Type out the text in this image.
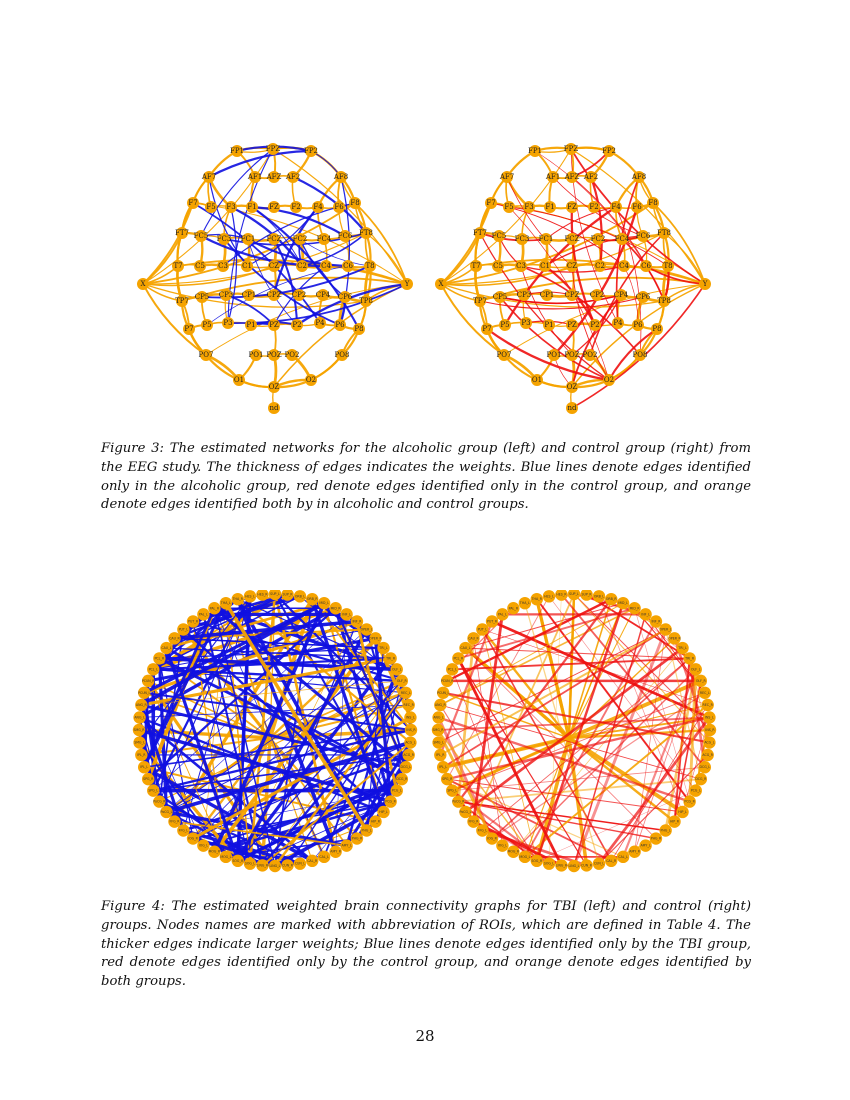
FPZ
FP1	FP2
AF7	AF1 AFZ AF2	AF8
F7 F5 F3 F1 FZ F2 F4 F6 F8
FT7 FC5 FC3 FC1 FCZ FC2 FC4 FC6 FT8
T7 C5 C3 C1 CZ	C2 C4 C6 T8
X	Y
TP7 CP5 CP3 CP1 CPZ CP2 CP4 CP6 TP8
P7 P5 P3 P1 PZ P2 P4 P6 P8
PO7	PO1 POZ PO2	PO8
O1
OZ
O2
nd
FPZ
FP1	FP2
AF7	AF1 AFZ AF2	AF8
F7 F5 F3 F1 FZ F2 F4 F6 F8
FT7 FC5 FC3 FC1 FCZ FC2 FC4 FC6 FT8
T7 C5 C3 C1 CZ	C2 C4 C6 T8
X	Y
TP7 CP5 CP3 CP1 CPZ CP2 CP4 CP6 TP8
P7 P5 P3 P1 PZ P2 P4 P6 P8
PO7	PO1 POZ PO2	PO8
O1
OZ
O2
nd
Figure 3: The estimated networks for the alcoholic group (left) and control group (right) from the EEG study. The thickness of edges indicates the weights. Blue lines denote edges identified only in the alcoholic group, red denote edges identified only in the control group, and orange denote edges identified both by in alcoholic and control groups.
SUP_L SUP_R ORB_L
ORB_R
MID_L
MID_R
INF_L
INF_R
OPER_L
OPER_R
TRI_L
TRI_R
OLF_L
OLF_R
REC_L
REC_R
INS_L
INS_R
ACG_L
ACG_R
DCG_L
DCG_R
PCG_L
PCG_R
HIP_L
HIP_R
PHG_L
PHG_R
AMY_L
AMY_R
CAL_L
CAL_R
CUN_L
CUN_R
LING_L
LING_R
SOG_L
SOG_R
MOG_L
MOG_R
IOG_L
IOG_R
FFG_L
FFG_R
PoCG_L
PoCG_R
SPG_L
SPG_R
IPL_L
IPL_R
SMG_L
SMG_R
ANG_L
ANG_R
PCUN_L
PCUN_R
PCL_L
PCL_R
CAU_L
CAU_R
PUT_L
PUT_R
PAL_L
PAL_R
THA_L
THA_R
HES_L HES_R	SUP_L SUP_R ORB_L
ORB_R
MID_L
MID_R
INF_L
INF_R
OPER_L
OPER_R
TRI_L
TRI_R
OLF_L
OLF_R
REC_L
REC_R
INS_L
INS_R
ACG_L
ACG_R
DCG_L
DCG_R
PCG_L
PCG_R
HIP_L
HIP_R
PHG_L
PHG_R
AMY_L
AMY_R
CAL_L
CAL_R
CUN_L
CUN_R
LING_L
LING_R
SOG_L
SOG_R
MOG_L
MOG_R
IOG_L
IOG_R
FFG_L
FFG_R
PoCG_L
PoCG_R
SPG_L
SPG_R
IPL_L
IPL_R
SMG_L
SMG_R
ANG_L
ANG_R
PCUN_L
PCUN_R
PCL_L
PCL_R
CAU_L
CAU_R
PUT_L
PUT_R
PAL_L
PAL_R
THA_L
THA_R
HES_L HES_R
Figure 4: The estimated weighted brain connectivity graphs for TBI (left) and control (right) groups. Nodes names are marked with abbreviation of ROIs, which are defined in Table 4. The thicker edges indicate larger weights; Blue lines denote edges identified only by the TBI group, red denote edges identified only by the control group, and orange denote edges identified by both groups.
28
